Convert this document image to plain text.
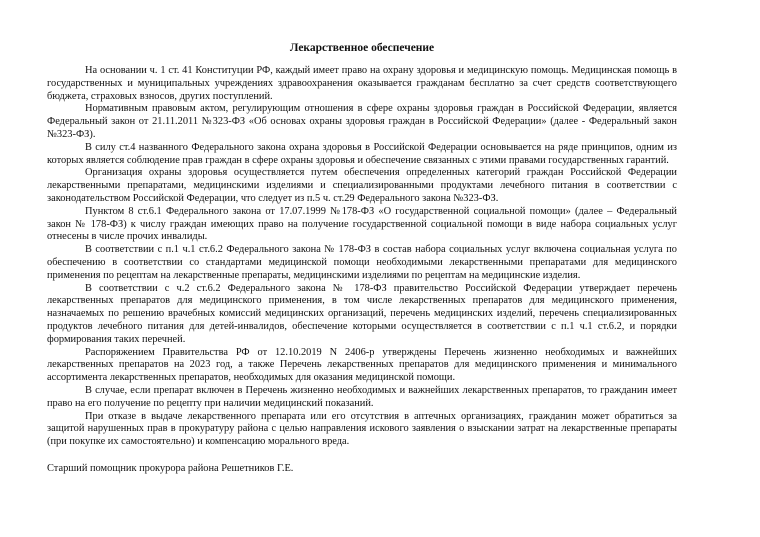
Лекарственное обеспечение

На основании ч. 1 ст. 41 Конституции РФ, каждый имеет право на охрану здоровья и медицинскую помощь. Медицинская помощь в государственных и муниципальных учреждениях здравоохранения оказывается гражданам бесплатно за счет средств соответствующего бюджета, страховых взносов, других поступлений.

Нормативным правовым актом, регулирующим отношения в сфере охраны здоровья граждан в Российской Федерации, является Федеральный закон от 21.11.2011 №323-ФЗ «Об основах охраны здоровья граждан в Российской Федерации» (далее - Федеральный закон №323-ФЗ).

В силу ст.4 названного Федерального закона охрана здоровья в Российской Федерации основывается на ряде принципов, одним из которых является соблюдение прав граждан в сфере охраны здоровья и обеспечение связанных с этими правами государственных гарантий.

Организация охраны здоровья осуществляется путем обеспечения определенных категорий граждан Российской Федерации лекарственными препаратами, медицинскими изделиями и специализированными продуктами лечебного питания в соответствии с законодательством Российской Федерации, что следует из п.5 ч. ст.29 Федерального закона №323-ФЗ.

Пунктом 8 ст.6.1 Федерального закона от 17.07.1999 №178-ФЗ «О государственной социальной помощи» (далее – Федеральный закон № 178-ФЗ) к числу граждан имеющих право на получение государственной социальной помощи в виде набора социальных услуг отнесены в числе прочих инвалиды.

В соответствии с п.1 ч.1 ст.6.2 Федерального закона № 178-ФЗ в состав набора социальных услуг включена социальная услуга по обеспечению в соответствии со стандартами медицинской помощи необходимыми лекарственными препаратами для медицинского применения по рецептам на лекарственные препараты, медицинскими изделиями по рецептам на медицинские изделия.

В соответствии с ч.2 ст.6.2 Федерального закона № 178-ФЗ правительство Российской Федерации утверждает перечень лекарственных препаратов для медицинского применения, в том числе лекарственных препаратов для медицинского применения, назначаемых по решению врачебных комиссий медицинских организаций, перечень медицинских изделий, перечень специализированных продуктов лечебного питания для детей-инвалидов, обеспечение которыми осуществляется в соответствии с п.1 ч.1 ст.6.2, и порядки формирования таких перечней.

Распоряжением Правительства РФ от 12.10.2019 N 2406-р утверждены Перечень жизненно необходимых и важнейших лекарственных препаратов на 2023 год, а также Перечень лекарственных препаратов для медицинского применения и минимального ассортимента лекарственных препаратов, необходимых для оказания медицинской помощи.

В случае, если препарат включен в Перечень жизненно необходимых и важнейших лекарственных препаратов, то гражданин имеет право на его получение по рецепту при наличии медицинский показаний.

При отказе в выдаче лекарственного препарата или его отсутствия в аптечных организациях, гражданин может обратиться за защитой нарушенных прав в прокуратуру района с целью направления искового заявления о взыскании затрат на лекарственные препараты (при покупке их самостоятельно) и компенсацию морального вреда.

Старший помощник прокурора района Решетников Г.Е.
